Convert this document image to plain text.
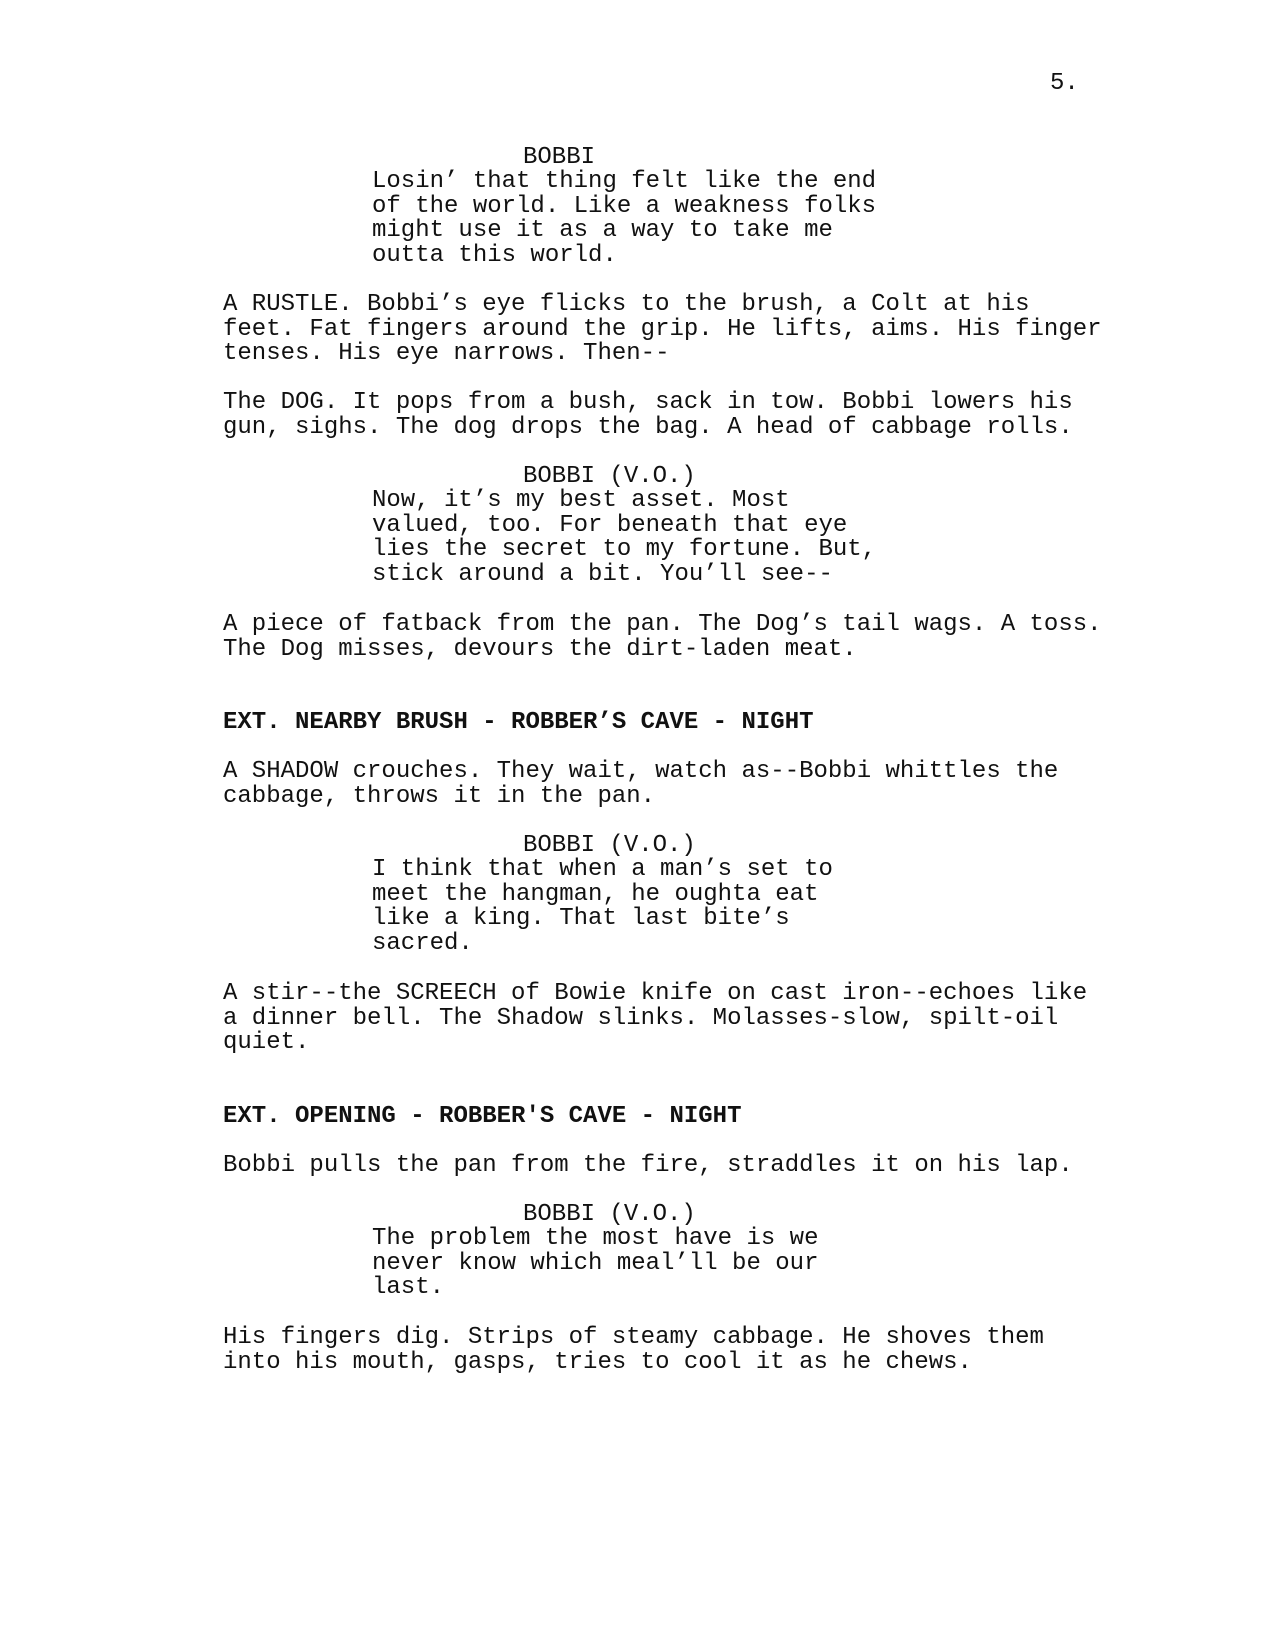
5.
BOBBI
Losin’ that thing felt like the end
of the world. Like a weakness folks
might use it as a way to take me
outta this world.
A RUSTLE. Bobbi’s eye flicks to the brush, a Colt at his
feet. Fat fingers around the grip. He lifts, aims. His finger
tenses. His eye narrows. Then--
The DOG. It pops from a bush, sack in tow. Bobbi lowers his
gun, sighs. The dog drops the bag. A head of cabbage rolls.
BOBBI (V.O.)
Now, it’s my best asset. Most
valued, too. For beneath that eye
lies the secret to my fortune. But,
stick around a bit. You’ll see--
A piece of fatback from the pan. The Dog’s tail wags. A toss.
The Dog misses, devours the dirt-laden meat.
EXT. NEARBY BRUSH - ROBBER’S CAVE - NIGHT
A SHADOW crouches. They wait, watch as--Bobbi whittles the
cabbage, throws it in the pan.
BOBBI (V.O.)
I think that when a man’s set to
meet the hangman, he oughta eat
like a king. That last bite’s
sacred.
A stir--the SCREECH of Bowie knife on cast iron--echoes like
a dinner bell. The Shadow slinks. Molasses-slow, spilt-oil
quiet.
EXT. OPENING - ROBBER'S CAVE - NIGHT
Bobbi pulls the pan from the fire, straddles it on his lap.
BOBBI (V.O.)
The problem the most have is we
never know which meal’ll be our
last.
His fingers dig. Strips of steamy cabbage. He shoves them
into his mouth, gasps, tries to cool it as he chews.
